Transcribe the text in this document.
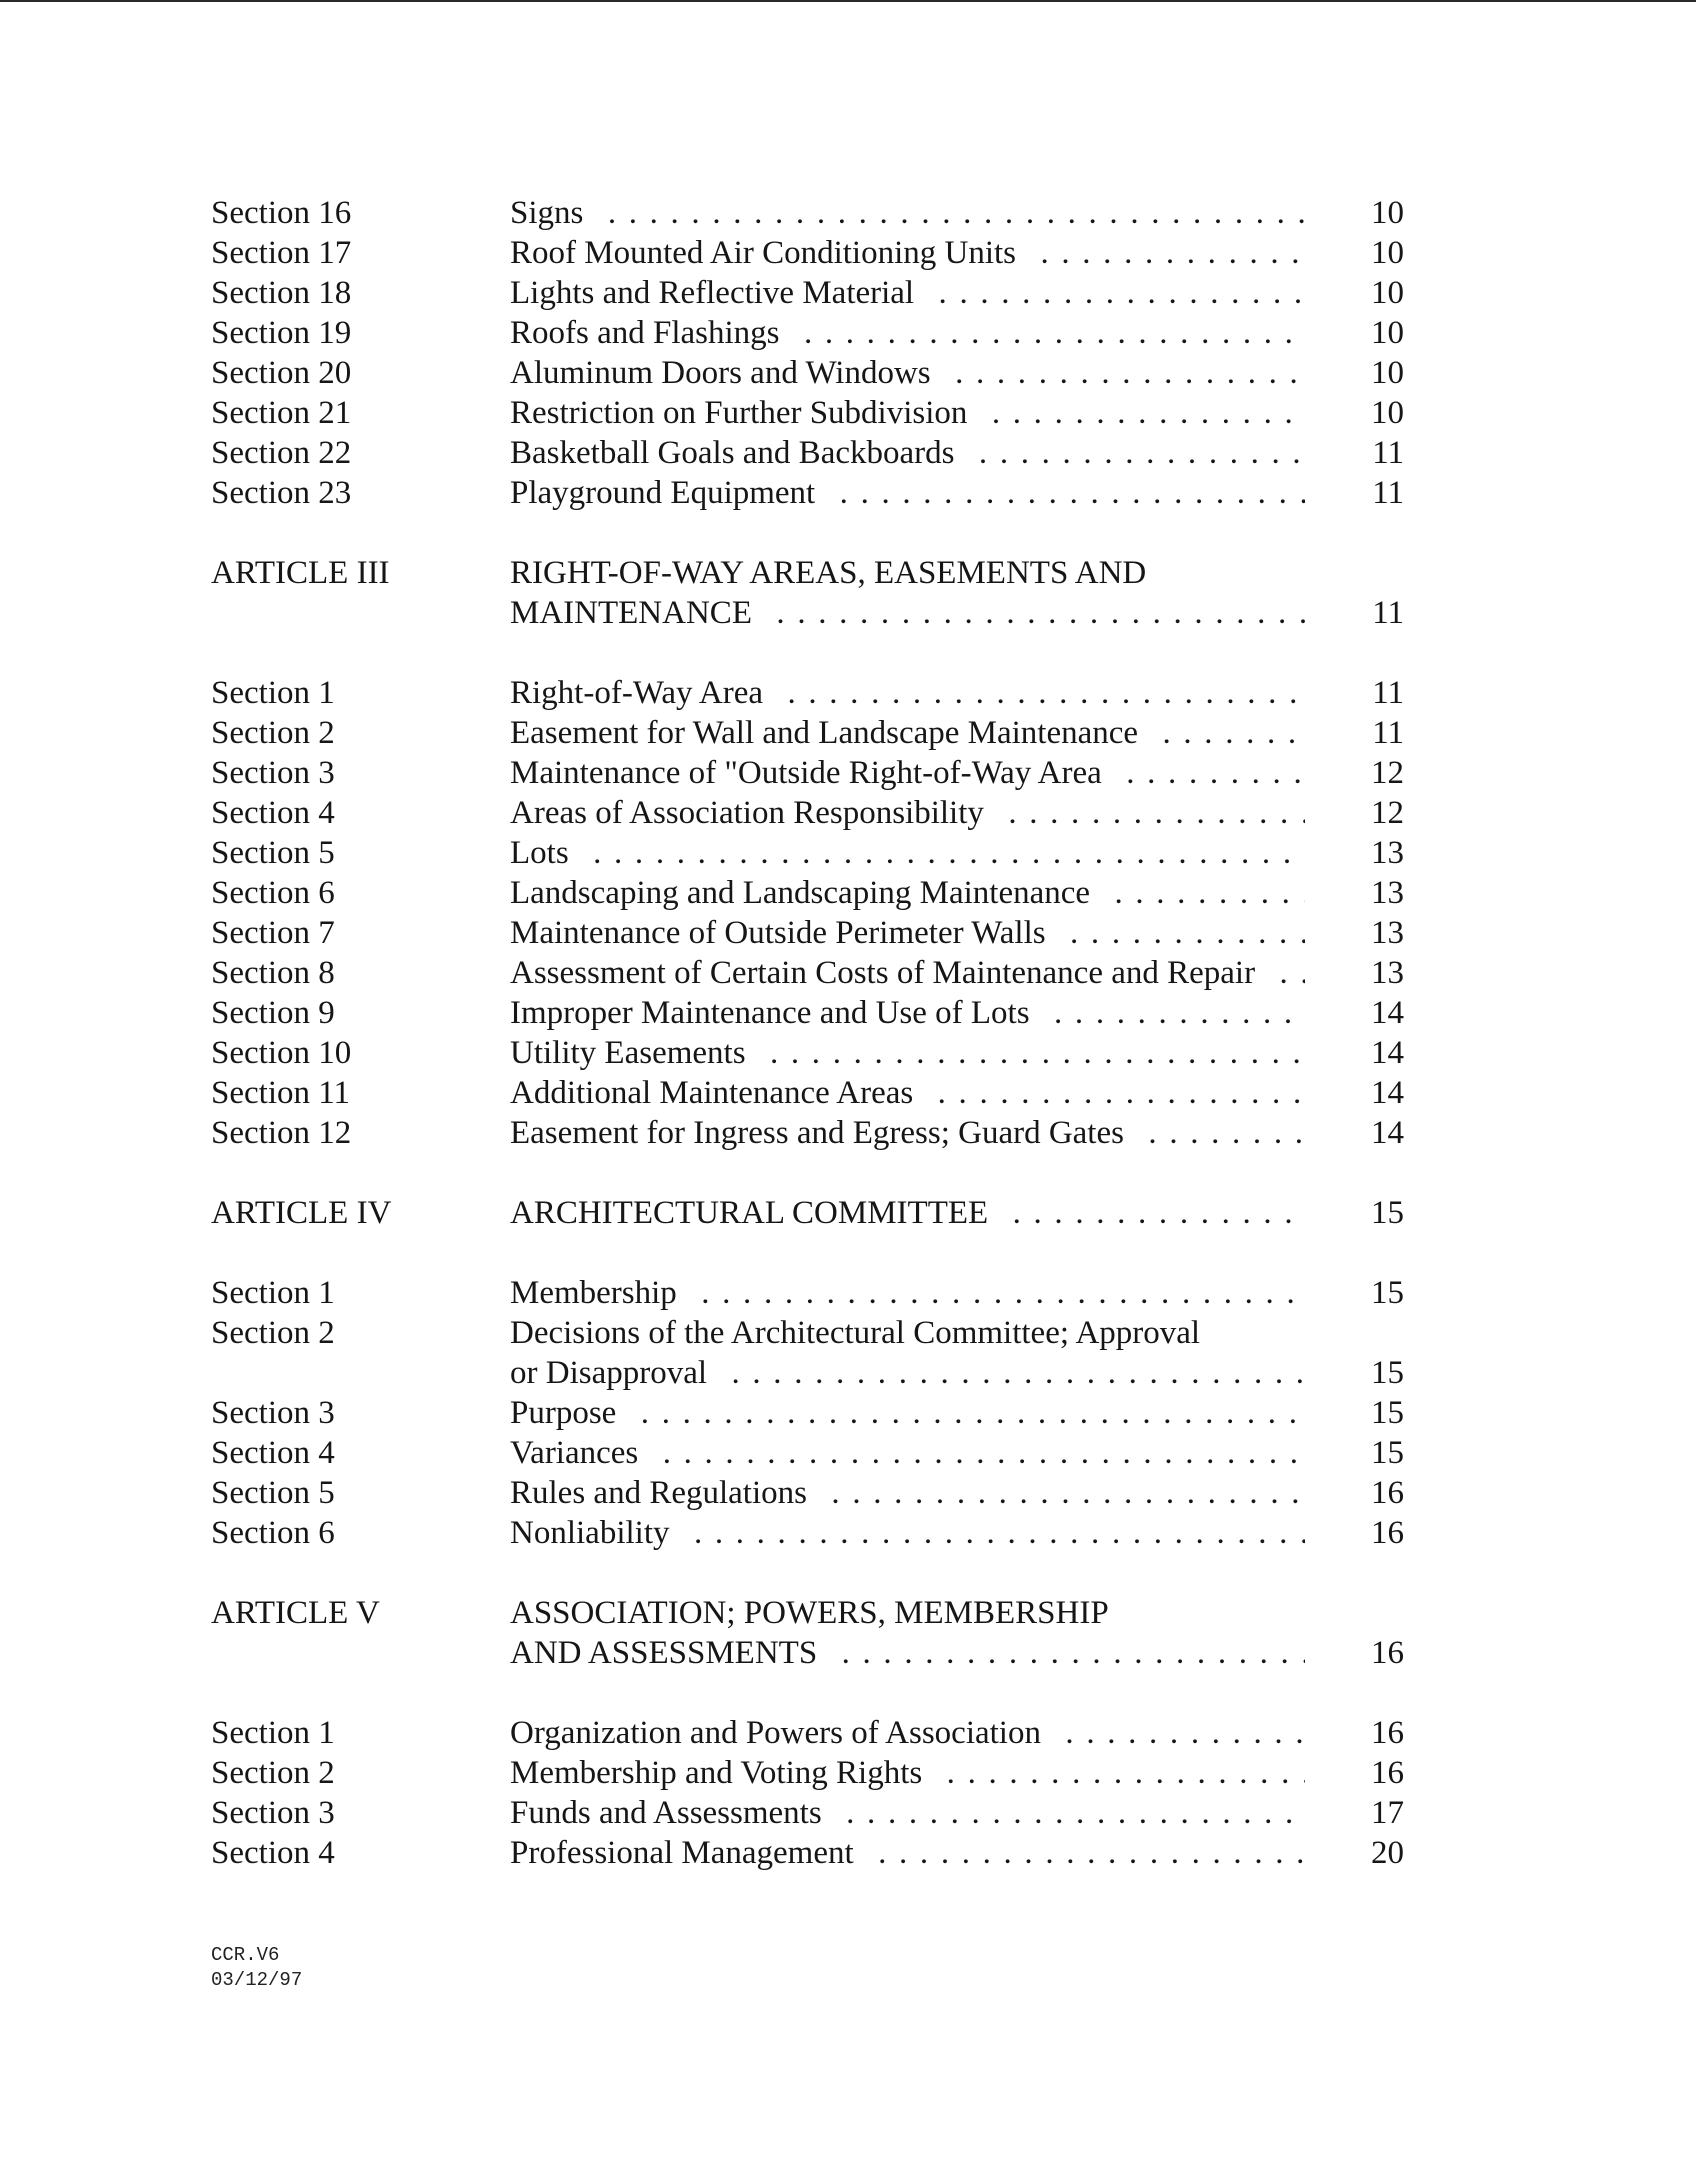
Section 16	Signs . . .	10
Section 17	Roof Mounted Air Conditioning Units . . .	10
Section 18	Lights and Reflective Material . . .	10
Section 19	Roofs and Flashings . . .	10
Section 20	Aluminum Doors and Windows . . .	10
Section 21	Restriction on Further Subdivision . . .	10
Section 22	Basketball Goals and Backboards . . .	11
Section 23	Playground Equipment . . .	11
ARTICLE III	RIGHT-OF-WAY AREAS, EASEMENTS AND
MAINTENANCE . . .	11
Section 1	Right-of-Way Area . . .	11
Section 2	Easement for Wall and Landscape Maintenance . . .	11
Section 3	Maintenance of "Outside Right-of-Way Area . . .	12
Section 4	Areas of Association Responsibility . . .	12
Section 5	Lots . . .	13
Section 6	Landscaping and Landscaping Maintenance . . .	13
Section 7	Maintenance of Outside Perimeter Walls . . .	13
Section 8	Assessment of Certain Costs of Maintenance and Repair . . .	13
Section 9	Improper Maintenance and Use of Lots . . .	14
Section 10	Utility Easements . . .	14
Section 11	Additional Maintenance Areas . . .	14
Section 12	Easement for Ingress and Egress; Guard Gates . . .	14
ARTICLE IV	ARCHITECTURAL COMMITTEE . . .	15
Section 1	Membership . . .	15
Section 2	Decisions of the Architectural Committee; Approval
or Disapproval . . .	15
Section 3	Purpose . . .	15
Section 4	Variances . . .	15
Section 5	Rules and Regulations . . .	16
Section 6	Nonliability . . .	16
ARTICLE V	ASSOCIATION; POWERS, MEMBERSHIP
AND ASSESSMENTS . . .	16
Section 1	Organization and Powers of Association . . .	16
Section 2	Membership and Voting Rights . . .	16
Section 3	Funds and Assessments . . .	17
Section 4	Professional Management . . .	20
CCR.V6
03/12/97
